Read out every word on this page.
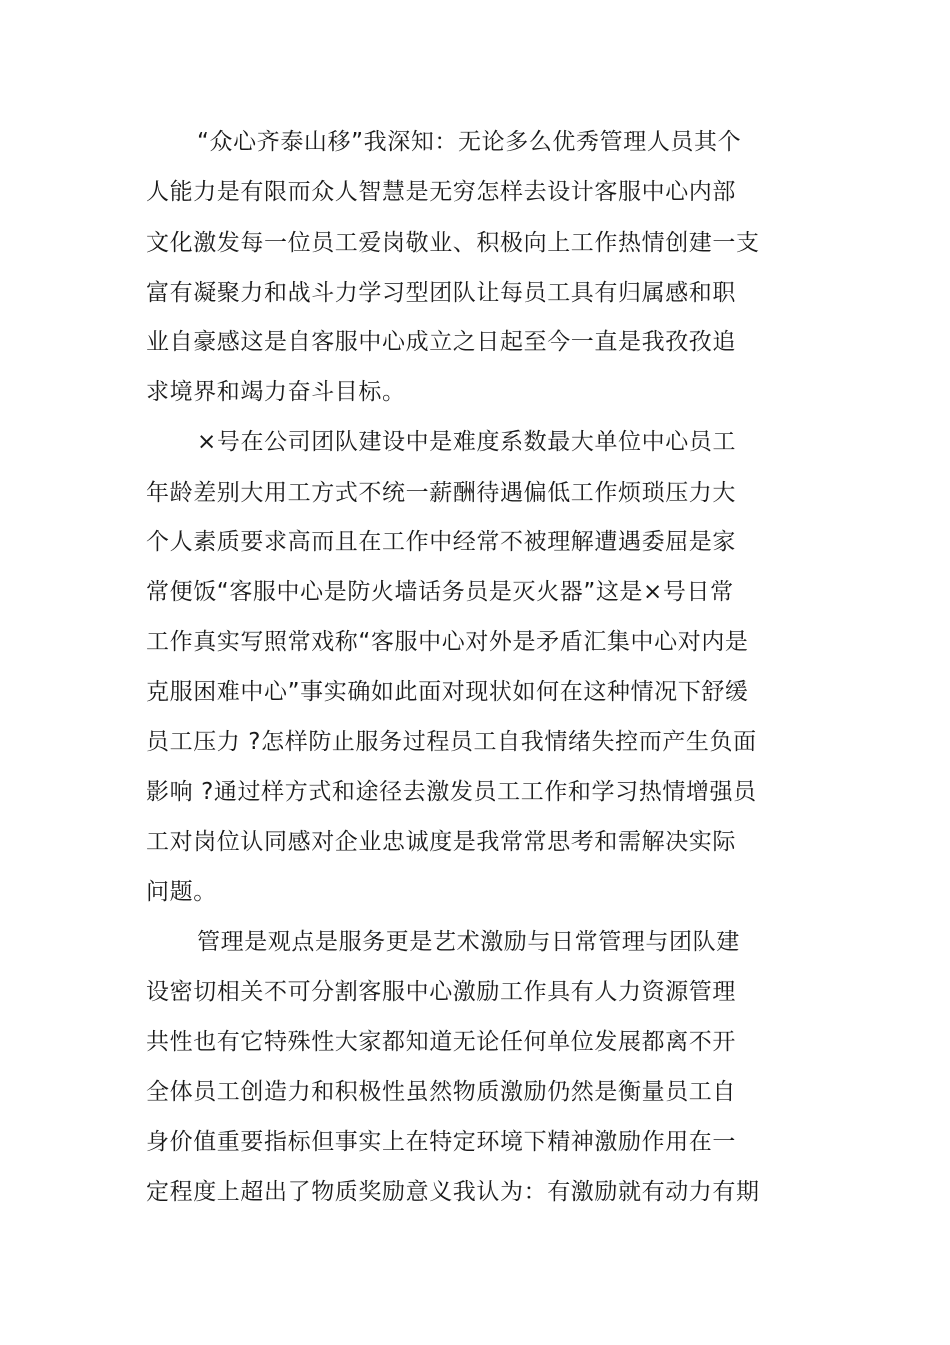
“众心齐泰山移”我深知：无论多么优秀管理人员其个
人能力是有限而众人智慧是无穷怎样去设计客服中心内部
文化激发每一位员工爱岗敬业、积极向上工作热情创建一支
富有凝聚力和战斗力学习型团队让每员工具有归属感和职
业自豪感这是自客服中心成立之日起至今一直是我孜孜追
求境界和竭力奋斗目标。
×号在公司团队建设中是难度系数最大单位中心员工
年龄差别大用工方式不统一薪酬待遇偏低工作烦琐压力大
个人素质要求高而且在工作中经常不被理解遭遇委屈是家
常便饭“客服中心是防火墙话务员是灭火器”这是×号日常
工作真实写照常戏称“客服中心对外是矛盾汇集中心对内是
克服困难中心”事实确如此面对现状如何在这种情况下舒缓
员工压力 ?怎样防止服务过程员工自我情绪失控而产生负面
影响 ?通过样方式和途径去激发员工工作和学习热情增强员
工对岗位认同感对企业忠诚度是我常常思考和需解决实际
问题。
管理是观点是服务更是艺术激励与日常管理与团队建
设密切相关不可分割客服中心激励工作具有人力资源管理
共性也有它特殊性大家都知道无论任何单位发展都离不开
全体员工创造力和积极性虽然物质激励仍然是衡量员工自
身价值重要指标但事实上在特定环境下精神激励作用在一
定程度上超出了物质奖励意义我认为：有激励就有动力有期
